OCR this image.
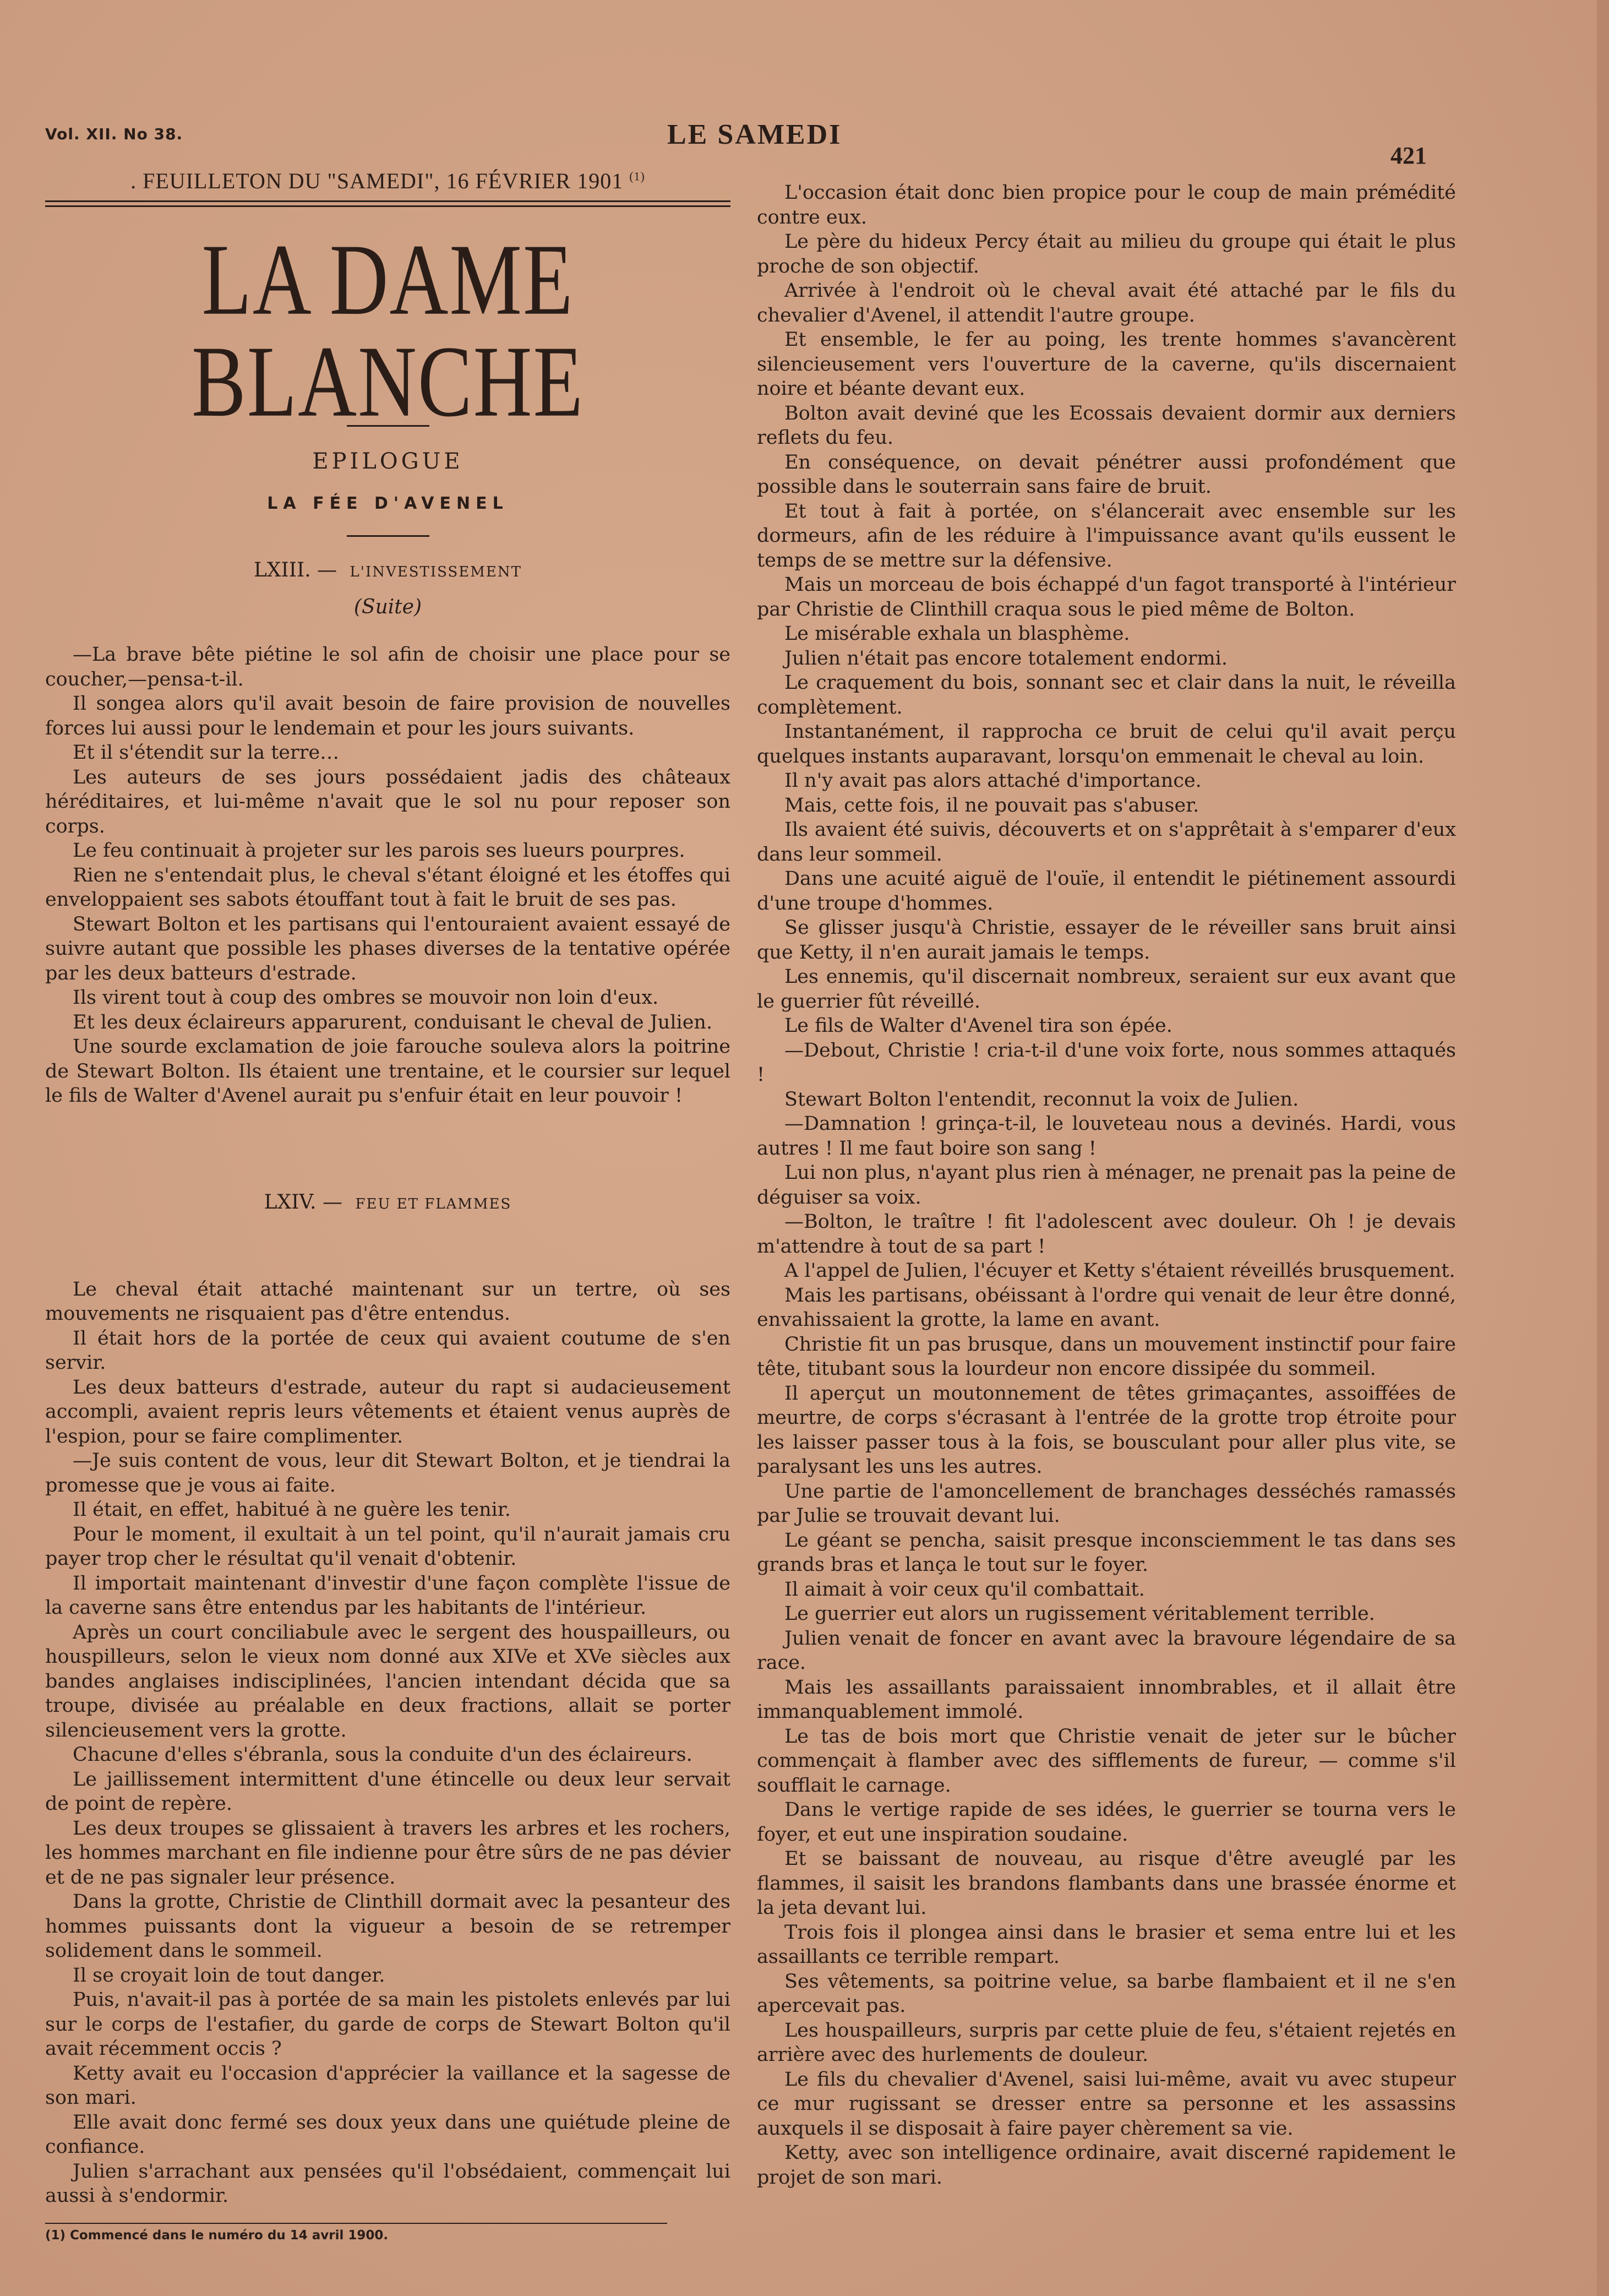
Vol. XII. No 38.	LE SAMEDI
421
. FEUILLETON DU "SAMEDI", 16 FÉVRIER 1901 $^{(1)}$
LA DAME BLANCHE
EPILOGUE
LA FÉE D'AVENEL
LXIII. — L'INVESTISSEMENT
(Suite)

—La brave bête piétine le sol afin de choisir une place pour se coucher,—pensa-t-il.

Il songea alors qu'il avait besoin de faire provision de nouvelles forces lui aussi pour le lendemain et pour les jours suivants.

Et il s'étendit sur la terre…

Les auteurs de ses jours possédaient jadis des châteaux héréditaires, et lui-même n'avait que le sol nu pour reposer son corps.

Le feu continuait à projeter sur les parois ses lueurs pourpres.

Rien ne s'entendait plus, le cheval s'étant éloigné et les étoffes qui enveloppaient ses sabots étouffant tout à fait le bruit de ses pas.

Stewart Bolton et les partisans qui l'entouraient avaient essayé de suivre autant que possible les phases diverses de la tentative opérée par les deux batteurs d'estrade.

Ils virent tout à coup des ombres se mouvoir non loin d'eux.

Et les deux éclaireurs apparurent, conduisant le cheval de Julien.

Une sourde exclamation de joie farouche souleva alors la poitrine de Stewart Bolton. Ils étaient une trentaine, et le coursier sur lequel le fils de Walter d'Avenel aurait pu s'enfuir était en leur pouvoir !

LXIV. — FEU ET FLAMMES

Le cheval était attaché maintenant sur un tertre, où ses mouvements ne risquaient pas d'être entendus.

Il était hors de la portée de ceux qui avaient coutume de s'en servir.

Les deux batteurs d'estrade, auteur du rapt si audacieusement accompli, avaient repris leurs vêtements et étaient venus auprès de l'espion, pour se faire complimenter.

—Je suis content de vous, leur dit Stewart Bolton, et je tiendrai la promesse que je vous ai faite.

Il était, en effet, habitué à ne guère les tenir.

Pour le moment, il exultait à un tel point, qu'il n'aurait jamais cru payer trop cher le résultat qu'il venait d'obtenir.

Il importait maintenant d'investir d'une façon complète l'issue de la caverne sans être entendus par les habitants de l'intérieur.

Après un court conciliabule avec le sergent des houspailleurs, ou houspilleurs, selon le vieux nom donné aux XIVe et XVe siècles aux bandes anglaises indisciplinées, l'ancien intendant décida que sa troupe, divisée au préalable en deux fractions, allait se porter silencieusement vers la grotte.

Chacune d'elles s'ébranla, sous la conduite d'un des éclaireurs.

Le jaillissement intermittent d'une étincelle ou deux leur servait de point de repère.

Les deux troupes se glissaient à travers les arbres et les rochers, les hommes marchant en file indienne pour être sûrs de ne pas dévier et de ne pas signaler leur présence.

Dans la grotte, Christie de Clinthill dormait avec la pesanteur des hommes puissants dont la vigueur a besoin de se retremper solidement dans le sommeil.

Il se croyait loin de tout danger.

Puis, n'avait-il pas à portée de sa main les pistolets enlevés par lui sur le corps de l'estafier, du garde de corps de Stewart Bolton qu'il avait récemment occis ?

Ketty avait eu l'occasion d'apprécier la vaillance et la sagesse de son mari.

Elle avait donc fermé ses doux yeux dans une quiétude pleine de confiance.

Julien s'arrachant aux pensées qu'il l'obsédaient, commençait lui aussi à s'endormir.

(1) Commencé dans le numéro du 14 avril 1900.

L'occasion était donc bien propice pour le coup de main prémédité contre eux.

Le père du hideux Percy était au milieu du groupe qui était le plus proche de son objectif.

Arrivée à l'endroit où le cheval avait été attaché par le fils du chevalier d'Avenel, il attendit l'autre groupe.

Et ensemble, le fer au poing, les trente hommes s'avancèrent silencieusement vers l'ouverture de la caverne, qu'ils discernaient noire et béante devant eux.

Bolton avait deviné que les Ecossais devaient dormir aux derniers reflets du feu.

En conséquence, on devait pénétrer aussi profondément que possible dans le souterrain sans faire de bruit.

Et tout à fait à portée, on s'élancerait avec ensemble sur les dormeurs, afin de les réduire à l'impuissance avant qu'ils eussent le temps de se mettre sur la défensive.

Mais un morceau de bois échappé d'un fagot transporté à l'intérieur par Christie de Clinthill craqua sous le pied même de Bolton.

Le misérable exhala un blasphème.

Julien n'était pas encore totalement endormi.

Le craquement du bois, sonnant sec et clair dans la nuit, le réveilla complètement.

Instantanément, il rapprocha ce bruit de celui qu'il avait perçu quelques instants auparavant, lorsqu'on emmenait le cheval au loin.

Il n'y avait pas alors attaché d'importance.

Mais, cette fois, il ne pouvait pas s'abuser.

Ils avaient été suivis, découverts et on s'apprêtait à s'emparer d'eux dans leur sommeil.

Dans une acuité aiguë de l'ouïe, il entendit le piétinement assourdi d'une troupe d'hommes.

Se glisser jusqu'à Christie, essayer de le réveiller sans bruit ainsi que Ketty, il n'en aurait jamais le temps.

Les ennemis, qu'il discernait nombreux, seraient sur eux avant que le guerrier fût réveillé.

Le fils de Walter d'Avenel tira son épée.

—Debout, Christie ! cria-t-il d'une voix forte, nous sommes attaqués !

Stewart Bolton l'entendit, reconnut la voix de Julien.

—Damnation ! grinça-t-il, le louveteau nous a devinés. Hardi, vous autres ! Il me faut boire son sang !

Lui non plus, n'ayant plus rien à ménager, ne prenait pas la peine de déguiser sa voix.

—Bolton, le traître ! fit l'adolescent avec douleur. Oh ! je devais m'attendre à tout de sa part !

A l'appel de Julien, l'écuyer et Ketty s'étaient réveillés brusquement.

Mais les partisans, obéissant à l'ordre qui venait de leur être donné, envahissaient la grotte, la lame en avant.

Christie fit un pas brusque, dans un mouvement instinctif pour faire tête, titubant sous la lourdeur non encore dissipée du sommeil.

Il aperçut un moutonnement de têtes grimaçantes, assoiffées de meurtre, de corps s'écrasant à l'entrée de la grotte trop étroite pour les laisser passer tous à la fois, se bousculant pour aller plus vite, se paralysant les uns les autres.

Une partie de l'amoncellement de branchages desséchés ramassés par Julie se trouvait devant lui.

Le géant se pencha, saisit presque inconsciemment le tas dans ses grands bras et lança le tout sur le foyer.

Il aimait à voir ceux qu'il combattait.

Le guerrier eut alors un rugissement véritablement terrible.

Julien venait de foncer en avant avec la bravoure légendaire de sa race.

Mais les assaillants paraissaient innombrables, et il allait être immanquablement immolé.

Le tas de bois mort que Christie venait de jeter sur le bûcher commençait à flamber avec des sifflements de fureur, — comme s'il soufflait le carnage.

Dans le vertige rapide de ses idées, le guerrier se tourna vers le foyer, et eut une inspiration soudaine.

Et se baissant de nouveau, au risque d'être aveuglé par les flammes, il saisit les brandons flambants dans une brassée énorme et la jeta devant lui.

Trois fois il plongea ainsi dans le brasier et sema entre lui et les assaillants ce terrible rempart.

Ses vêtements, sa poitrine velue, sa barbe flambaient et il ne s'en apercevait pas.

Les houspailleurs, surpris par cette pluie de feu, s'étaient rejetés en arrière avec des hurlements de douleur.

Le fils du chevalier d'Avenel, saisi lui-même, avait vu avec stupeur ce mur rugissant se dresser entre sa personne et les assassins auxquels il se disposait à faire payer chèrement sa vie.

Ketty, avec son intelligence ordinaire, avait discerné rapidement le projet de son mari.
